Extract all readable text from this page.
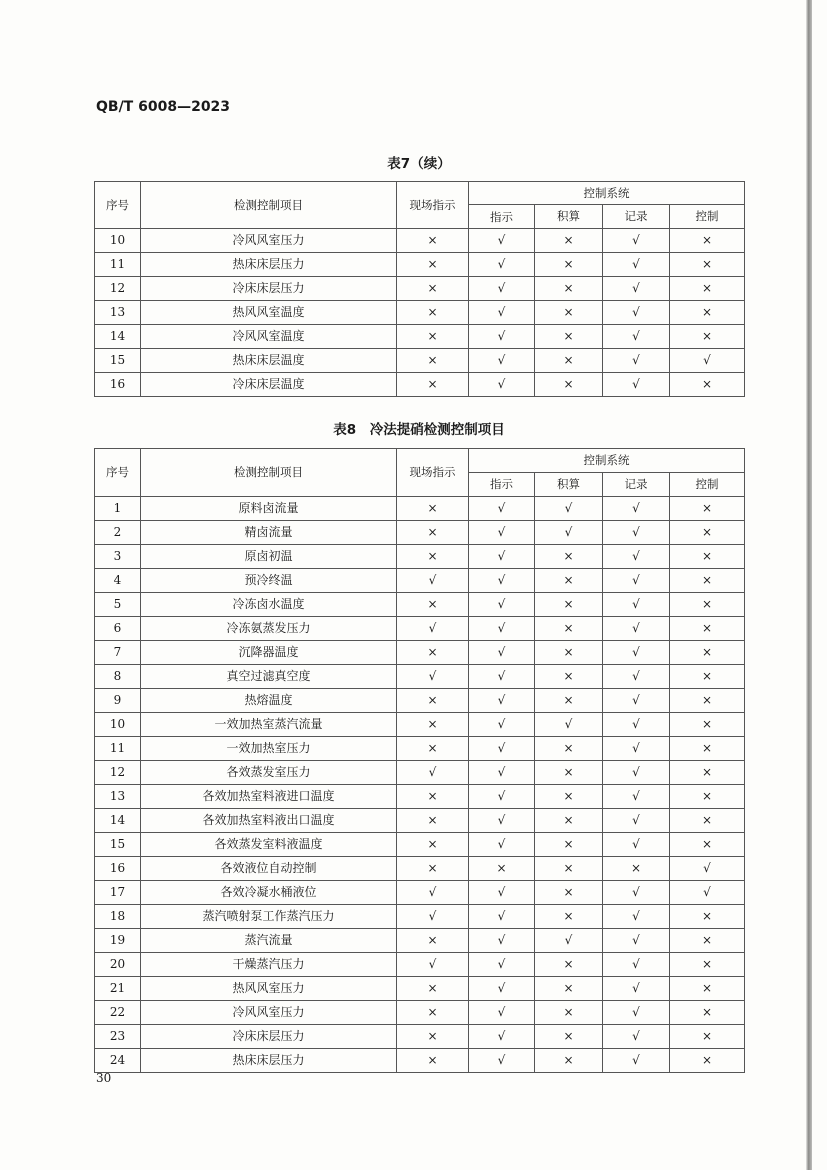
QB/T 6008—2023
表7（续）
序号	检测控制项目	现场指示	控制系统			
			指示	积算	记录	控制
10	冷风风室压力	×	√	×	√	×
11	热床床层压力	×	√	×	√	×
12	冷床床层压力	×	√	×	√	×
13	热风风室温度	×	√	×	√	×
14	冷风风室温度	×	√	×	√	×
15	热床床层温度	×	√	×	√	√
16	冷床床层温度	×	√	×	√	×
表8　冷法提硝检测控制项目
序号	检测控制项目	现场指示	控制系统			
			指示	积算	记录	控制
1	原料卤流量	×	√	√	√	×
2	精卤流量	×	√	√	√	×
3	原卤初温	×	√	×	√	×
4	预冷终温	√	√	×	√	×
5	冷冻卤水温度	×	√	×	√	×
6	冷冻氨蒸发压力	√	√	×	√	×
7	沉降器温度	×	√	×	√	×
8	真空过滤真空度	√	√	×	√	×
9	热熔温度	×	√	×	√	×
10	一效加热室蒸汽流量	×	√	√	√	×
11	一效加热室压力	×	√	×	√	×
12	各效蒸发室压力	√	√	×	√	×
13	各效加热室料液进口温度	×	√	×	√	×
14	各效加热室料液出口温度	×	√	×	√	×
15	各效蒸发室料液温度	×	√	×	√	×
16	各效液位自动控制	×	×	×	×	√
17	各效冷凝水桶液位	√	√	×	√	√
18	蒸汽喷射泵工作蒸汽压力	√	√	×	√	×
19	蒸汽流量	×	√	√	√	×
20	干燥蒸汽压力	√	√	×	√	×
21	热风风室压力	×	√	×	√	×
22	冷风风室压力	×	√	×	√	×
23	冷床床层压力	×	√	×	√	×
24	热床床层压力	×	√	×	√	×
30
